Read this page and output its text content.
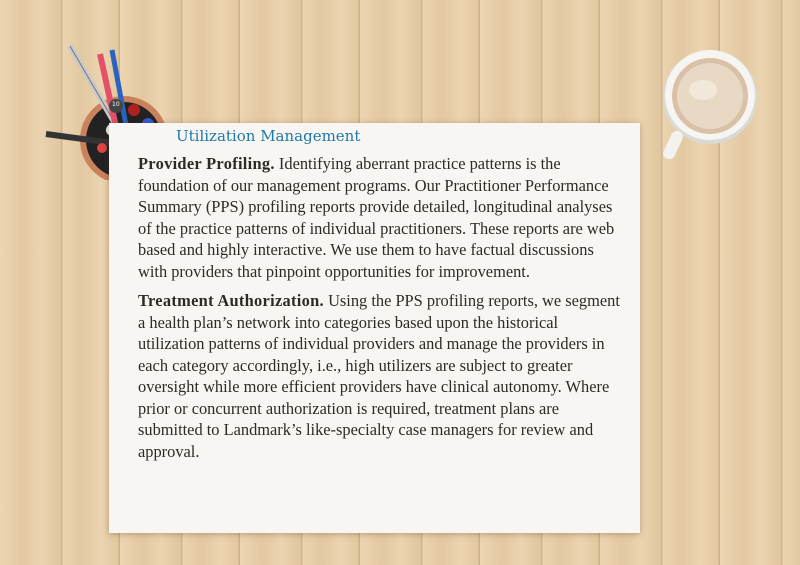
10
Utilization Management

Provider Profiling. Identifying aberrant practice patterns is the foundation of our management programs. Our Practitioner Performance Summary (PPS) profiling reports provide detailed, longitudinal analyses of the practice patterns of individual practitioners. These reports are web based and highly interactive. We use them to have factual discussions with providers that pinpoint opportunities for improvement.

Treatment Authorization. Using the PPS profiling reports, we segment a health plan’s network into categories based upon the historical utilization patterns of individual providers and manage the providers in each category accordingly, i.e., high utilizers are subject to greater oversight while more efficient providers have clinical autonomy. Where prior or concurrent authorization is required, treatment plans are submitted to Landmark’s like-specialty case managers for review and approval.
